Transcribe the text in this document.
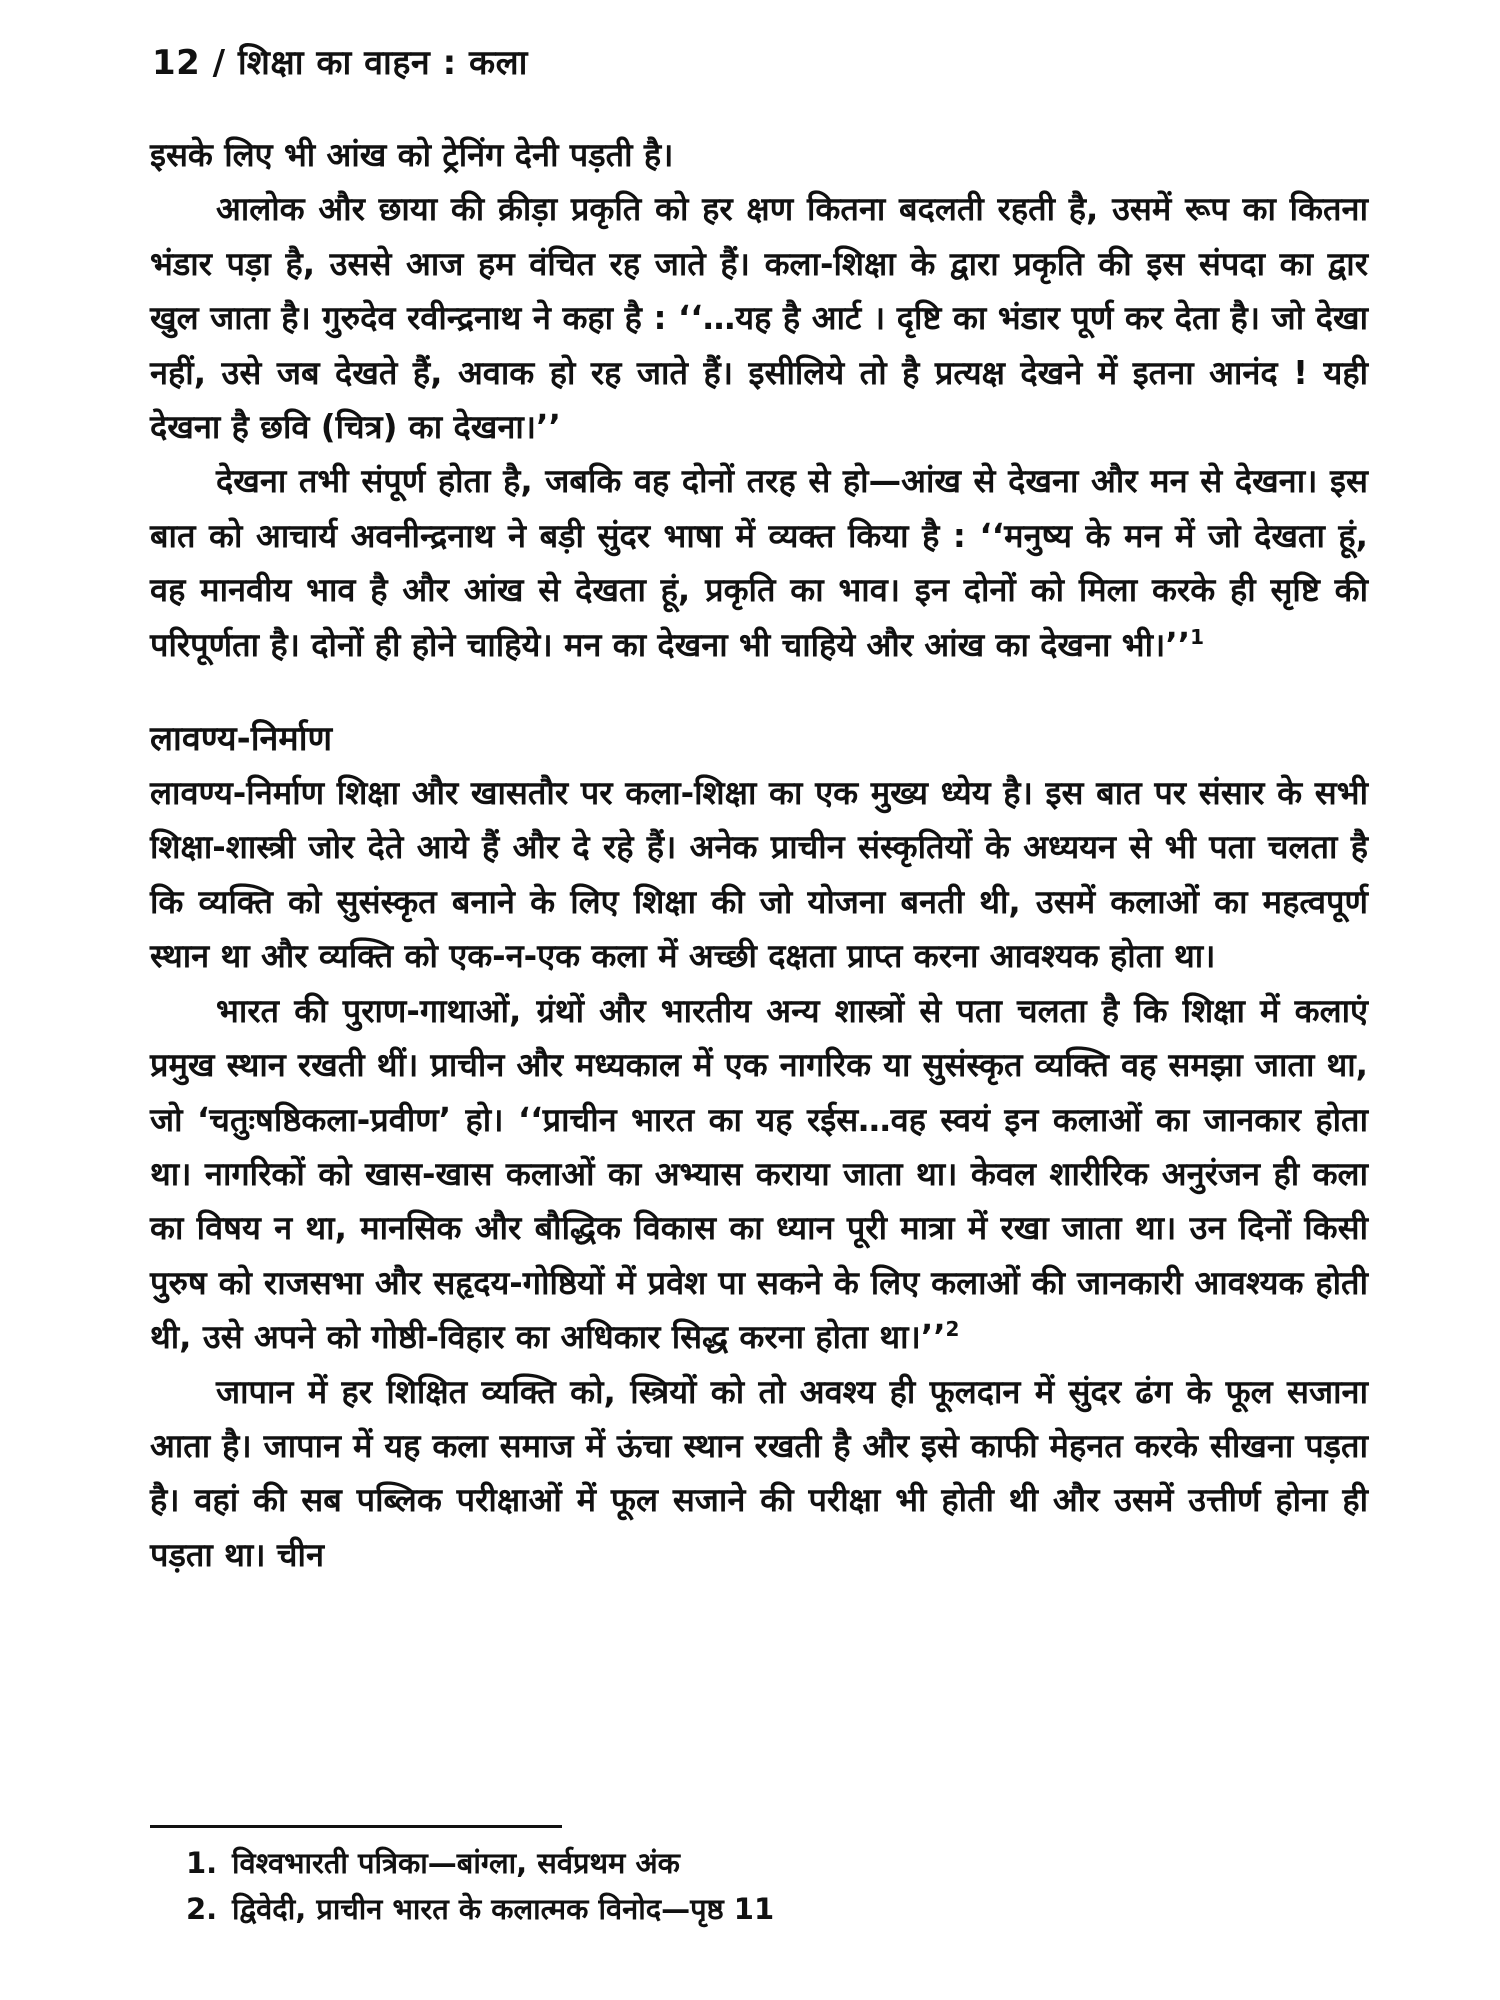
12 / शिक्षा का वाहन : कला

इसके लिए भी आंख को ट्रेनिंग देनी पड़ती है।

आलोक और छाया की क्रीड़ा प्रकृति को हर क्षण कितना बदलती रहती है, उसमें रूप का कितना भंडार पड़ा है, उससे आज हम वंचित रह जाते हैं। कला-शिक्षा के द्वारा प्रकृति की इस संपदा का द्वार खुल जाता है। गुरुदेव रवीन्द्रनाथ ने कहा है : ‘‘…यह है आर्ट । दृष्टि का भंडार पूर्ण कर देता है। जो देखा नहीं, उसे जब देखते हैं, अवाक हो रह जाते हैं। इसीलिये तो है प्रत्यक्ष देखने में इतना आनंद ! यही देखना है छवि (चित्र) का देखना।’’

देखना तभी संपूर्ण होता है, जबकि वह दोनों तरह से हो—आंख से देखना और मन से देखना। इस बात को आचार्य अवनीन्द्रनाथ ने बड़ी सुंदर भाषा में व्यक्त किया है : ‘‘मनुष्य के मन में जो देखता हूं, वह मानवीय भाव है और आंख से देखता हूं, प्रकृति का भाव। इन दोनों को मिला करके ही सृष्टि की परिपूर्णता है। दोनों ही होने चाहिये। मन का देखना भी चाहिये और आंख का देखना भी।’’$^1$

लावण्य-निर्माण

लावण्य-निर्माण शिक्षा और खासतौर पर कला-शिक्षा का एक मुख्य ध्येय है। इस बात पर संसार के सभी शिक्षा-शास्त्री जोर देते आये हैं और दे रहे हैं। अनेक प्राचीन संस्कृतियों के अध्ययन से भी पता चलता है कि व्यक्ति को सुसंस्कृत बनाने के लिए शिक्षा की जो योजना बनती थी, उसमें कलाओं का महत्वपूर्ण स्थान था और व्यक्ति को एक-न-एक कला में अच्छी दक्षता प्राप्त करना आवश्यक होता था।

भारत की पुराण-गाथाओं, ग्रंथों और भारतीय अन्य शास्त्रों से पता चलता है कि शिक्षा में कलाएं प्रमुख स्थान रखती थीं। प्राचीन और मध्यकाल में एक नागरिक या सुसंस्कृत व्यक्ति वह समझा जाता था, जो ‘चतुःषष्ठिकला-प्रवीण’ हो। ‘‘प्राचीन भारत का यह रईस…वह स्वयं इन कलाओं का जानकार होता था। नागरिकों को खास-खास कलाओं का अभ्यास कराया जाता था। केवल शारीरिक अनुरंजन ही कला का विषय न था, मानसिक और बौद्धिक विकास का ध्यान पूरी मात्रा में रखा जाता था। उन दिनों किसी पुरुष को राजसभा और सहृदय-गोष्ठियों में प्रवेश पा सकने के लिए कलाओं की जानकारी आवश्यक होती थी, उसे अपने को गोष्ठी-विहार का अधिकार सिद्ध करना होता था।’’$^2$

जापान में हर शिक्षित व्यक्ति को, स्त्रियों को तो अवश्य ही फूलदान में सुंदर ढंग के फूल सजाना आता है। जापान में यह कला समाज में ऊंचा स्थान रखती है और इसे काफी मेहनत करके सीखना पड़ता है। वहां की सब पब्लिक परीक्षाओं में फूल सजाने की परीक्षा भी होती थी और उसमें उत्तीर्ण होना ही पड़ता था। चीन

1. विश्वभारती पत्रिका—बांग्ला, सर्वप्रथम अंक
2. द्विवेदी, प्राचीन भारत के कलात्मक विनोद—पृष्ठ 11
